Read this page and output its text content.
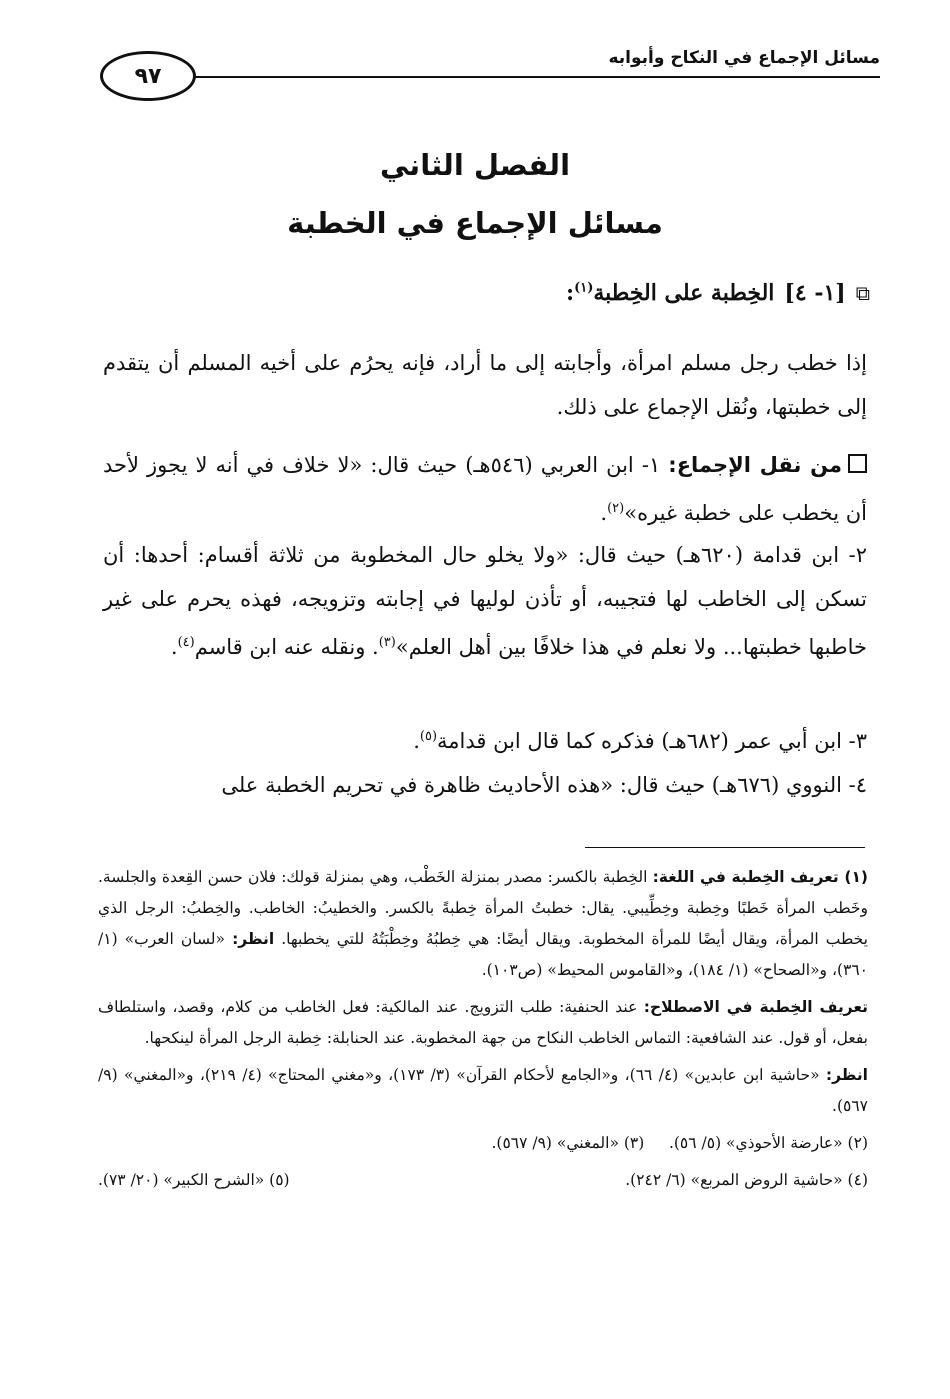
مسائل الإجماع في النكاح وأبوابه
٩٧
الفصل الثاني
مسائل الإجماع في الخطبة
⧉
[١- ٤]
الخِطبة على الخِطبة$^{(١)}$:
إذا خطب رجل مسلم امرأة، وأجابته إلى ما أراد، فإنه يحرُم على أخيه المسلم أن يتقدم إلى خطبتها، ونُقل الإجماع على ذلك.
من نقل الإجماع: ١- ابن العربي (٥٤٦هـ) حيث قال: «لا خلاف في أنه لا يجوز لأحد أن يخطب على خطبة غيره»$^{(٢)}$.
٢- ابن قدامة (٦٢٠هـ) حيث قال: «ولا يخلو حال المخطوبة من ثلاثة أقسام: أحدها: أن تسكن إلى الخاطب لها فتجيبه، أو تأذن لوليها في إجابته وتزويجه، فهذه يحرم على غير خاطبها خطبتها... ولا نعلم في هذا خلافًا بين أهل العلم»$^{(٣)}$. ونقله عنه ابن قاسم$^{(٤)}$.
٣- ابن أبي عمر (٦٨٢هـ) فذكره كما قال ابن قدامة$^{(٥)}$.
٤- النووي (٦٧٦هـ) حيث قال: «هذه الأحاديث ظاهرة في تحريم الخطبة على

(١) تعريف الخِطبة في اللغة: الخِطبة بالكسر: مصدر بمنزلة الخَطْب، وهي بمنزلة قولك: فلان حسن القِعدة والجلسة. وخَطب المرأة خَطبًا وخِطبة وخِطِّيبي. يقال: خطبتُ المرأة خِطبةً بالكسر. والخطيبُ: الخاطب. والخِطبُ: الرجل الذي يخطب المرأة، ويقال أيضًا للمرأة المخطوبة. ويقال أيضًا: هي خِطبُهُ وخِطْبَتُهُ للتي يخطبها. انظر: «لسان العرب» (١/ ٣٦٠)، و«الصحاح» (١/ ١٨٤)، و«القاموس المحيط» (ص١٠٣).

تعريف الخِطبة في الاصطلاح: عند الحنفية: طلب التزويج. عند المالكية: فعل الخاطب من كلام، وقصد، واستلطاف بفعل، أو قول. عند الشافعية: التماس الخاطب النكاح من جهة المخطوبة. عند الحنابلة: خِطبة الرجل المرأة لينكحها.

انظر: «حاشية ابن عابدين» (٤/ ٦٦)، و«الجامع لأحكام القرآن» (٣/ ١٧٣)، و«مغني المحتاج» (٤/ ٢١٩)، و«المغني» (٩/ ٥٦٧).

(٢) «عارضة الأحوذي» (٥/ ٥٦).     (٣) «المغني» (٩/ ٥٦٧).

(٤) «حاشية الروض المربع» (٦/ ٢٤٢).
(٥) «الشرح الكبير» (٢٠/ ٧٣).
